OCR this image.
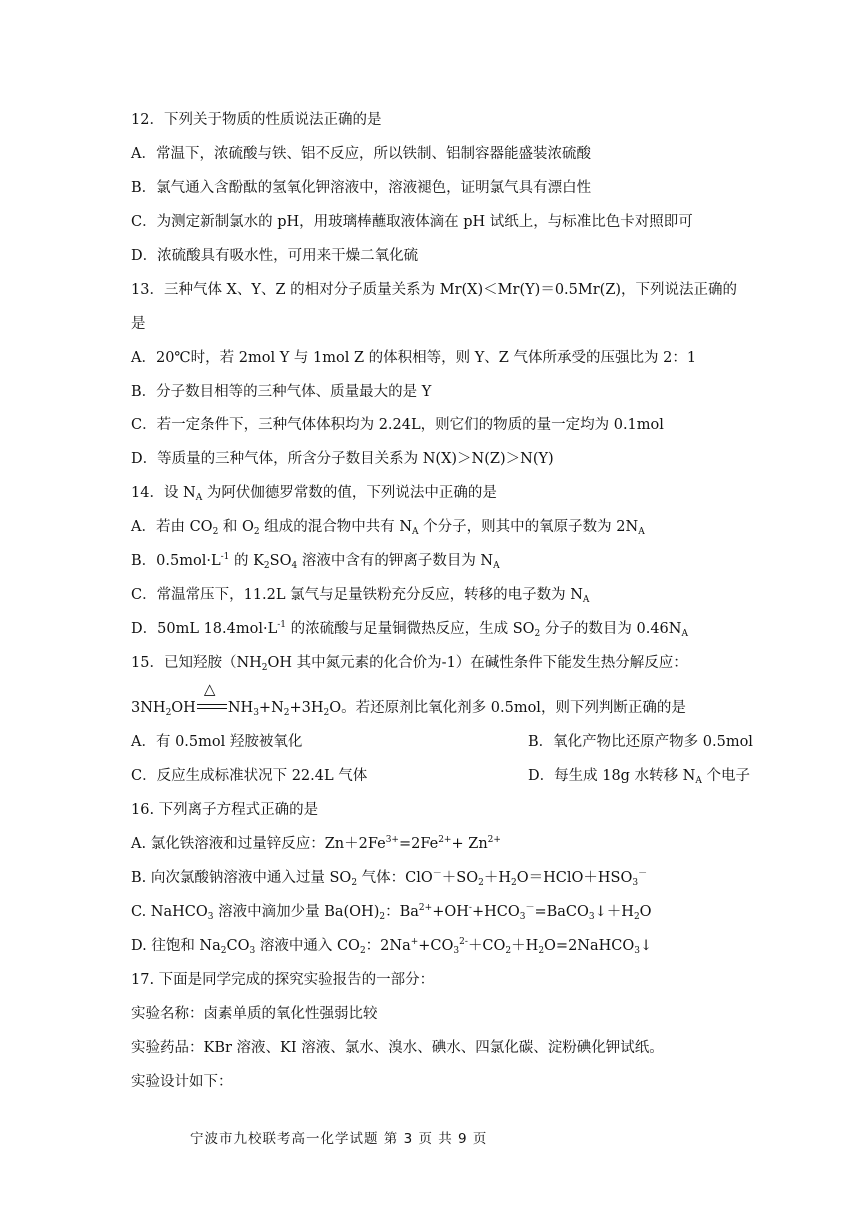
12．下列关于物质的性质说法正确的是
A．常温下，浓硫酸与铁、铝不反应，所以铁制、铝制容器能盛装浓硫酸
B．氯气通入含酚酞的氢氧化钾溶液中，溶液褪色，证明氯气具有漂白性
C．为测定新制氯水的 pH，用玻璃棒蘸取液体滴在 pH 试纸上，与标准比色卡对照即可
D．浓硫酸具有吸水性，可用来干燥二氧化硫
13．三种气体 X、Y、Z 的相对分子质量关系为 Mr(X)＜Mr(Y)＝0.5Mr(Z)，下列说法正确的
是
A．20℃时，若 2mol Y 与 1mol Z 的体积相等，则 Y、Z 气体所承受的压强比为 2：1
B．分子数目相等的三种气体、质量最大的是 Y
C．若一定条件下，三种气体体积均为 2.24L，则它们的物质的量一定均为 0.1mol
D．等质量的三种气体，所含分子数目关系为 N(X)＞N(Z)＞N(Y)
14．设 $N_A$ 为阿伏伽德罗常数的值，下列说法中正确的是
A．若由 $CO_2$ 和 $O_2$ 组成的混合物中共有 $N_A$ 个分子，则其中的氧原子数为 $2N_A$
B．$0.5mol\cdot L^{-1}$ 的 $K_2SO_4$ 溶液中含有的钾离子数目为 $N_A$
C．常温常压下，11.2L 氯气与足量铁粉充分反应，转移的电子数为 $N_A$
D．50mL $18.4mol\cdot L^{-1}$ 的浓硫酸与足量铜微热反应，生成 $SO_2$ 分子的数目为 $0.46N_A$
15．已知羟胺（$NH_2OH$ 其中氮元素的化合价为-1）在碱性条件下能发生热分解反应：
$3NH_2OH$
△
$NH_3+N_2+3H_2O$。若还原剂比氧化剂多 0.5mol，则下列判断正确的是
A．有 0.5mol 羟胺被氧化	B．氧化产物比还原产物多 0.5mol
C．反应生成标准状况下 22.4L 气体	D．每生成 18g 水转移 $N_A$ 个电子
16. 下列离子方程式正确的是
A. 氯化铁溶液和过量锌反应：$Zn+2Fe^{3+}=2Fe^{2+}+ Zn^{2+}$
B. 向次氯酸钠溶液中通入过量 $SO_2$ 气体：$ClO^-+SO_2+H_2O=HClO+HSO_3^-$
C. NaHCO$_3$ 溶液中滴加少量 $Ba(OH)_2$：$Ba^{2+}+OH^-+HCO_3^-=BaCO_3↓+H_2O$
D. 往饱和 $Na_2CO_3$ 溶液中通入 $CO_2$：$2Na^++CO_3^{2-}+CO_2+H_2O=2NaHCO_3↓$
17. 下面是同学完成的探究实验报告的一部分：
实验名称：卤素单质的氧化性强弱比较
实验药品：KBr 溶液、KI 溶液、氯水、溴水、碘水、四氯化碳、淀粉碘化钾试纸。
实验设计如下：
宁波市九校联考高一化学试题 第 3 页 共 9 页
